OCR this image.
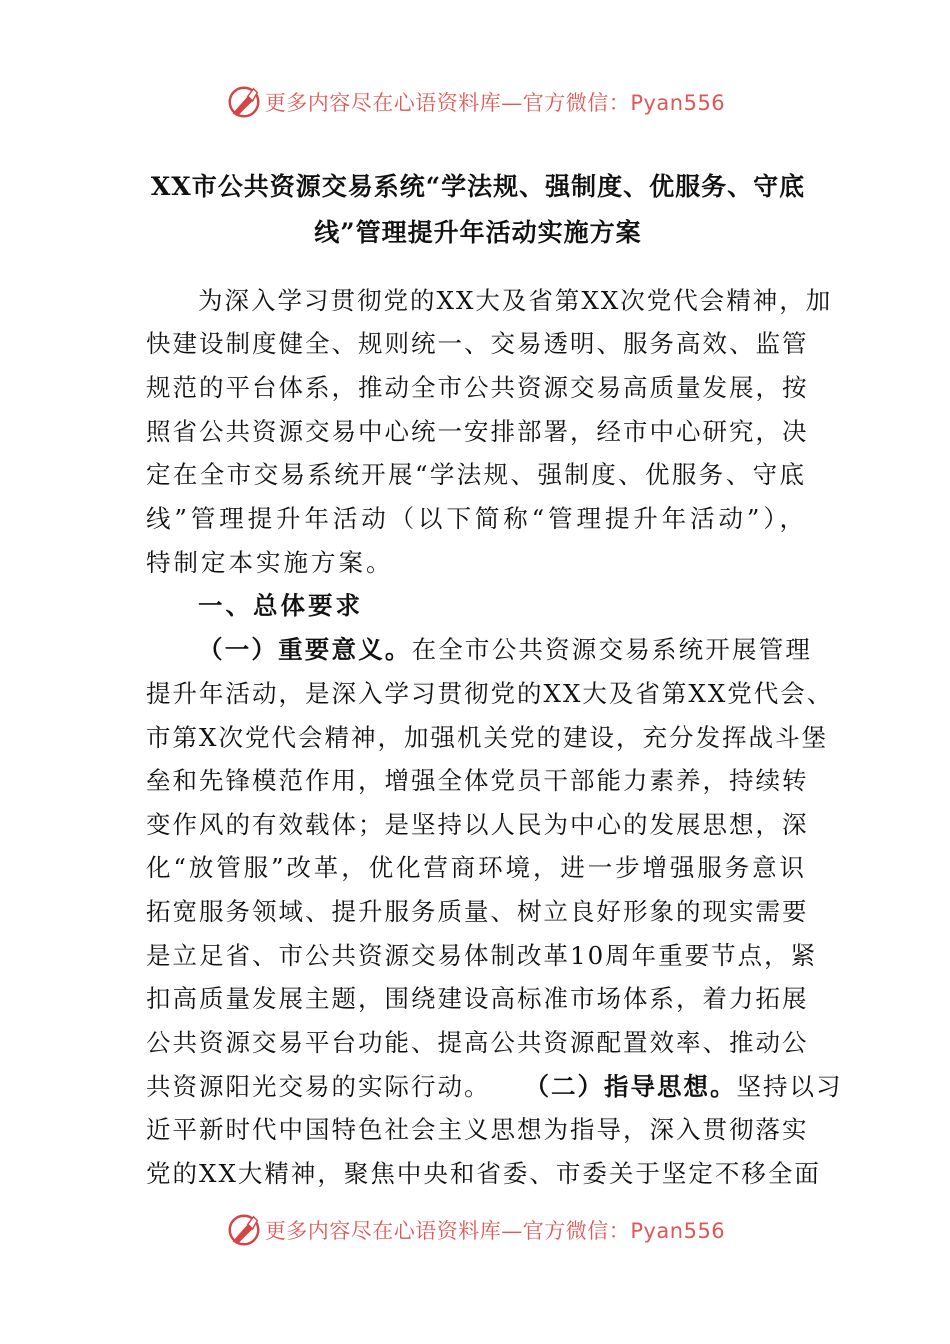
更多内容尽在心语资料库—官方微信：Pyan556
XX市公共资源交易系统“学法规、强制度、优服务、守底
线”管理提升年活动实施方案
为深入学习贯彻党的XX大及省第XX次党代会精神，加
快建设制度健全、规则统一、交易透明、服务高效、监管
规范的平台体系，推动全市公共资源交易高质量发展，按
照省公共资源交易中心统一安排部署，经市中心研究，决
定在全市交易系统开展“学法规、强制度、优服务、守底
线”管理提升年活动（以下简称“管理提升年活动”），
特制定本实施方案。
一、总体要求
（一）重要意义。在全市公共资源交易系统开展管理
提升年活动，是深入学习贯彻党的XX大及省第XX党代会、
市第X次党代会精神，加强机关党的建设，充分发挥战斗堡
垒和先锋模范作用，增强全体党员干部能力素养，持续转
变作风的有效载体；是坚持以人民为中心的发展思想，深
化“放管服”改革，优化营商环境，进一步增强服务意识
拓宽服务领域、提升服务质量、树立良好形象的现实需要
是立足省、市公共资源交易体制改革10周年重要节点，紧
扣高质量发展主题，围绕建设高标准市场体系，着力拓展
公共资源交易平台功能、提高公共资源配置效率、推动公
共资源阳光交易的实际行动。 （二）指导思想。坚持以习
近平新时代中国特色社会主义思想为指导，深入贯彻落实
党的XX大精神，聚焦中央和省委、市委关于坚定不移全面
更多内容尽在心语资料库—官方微信：Pyan556
